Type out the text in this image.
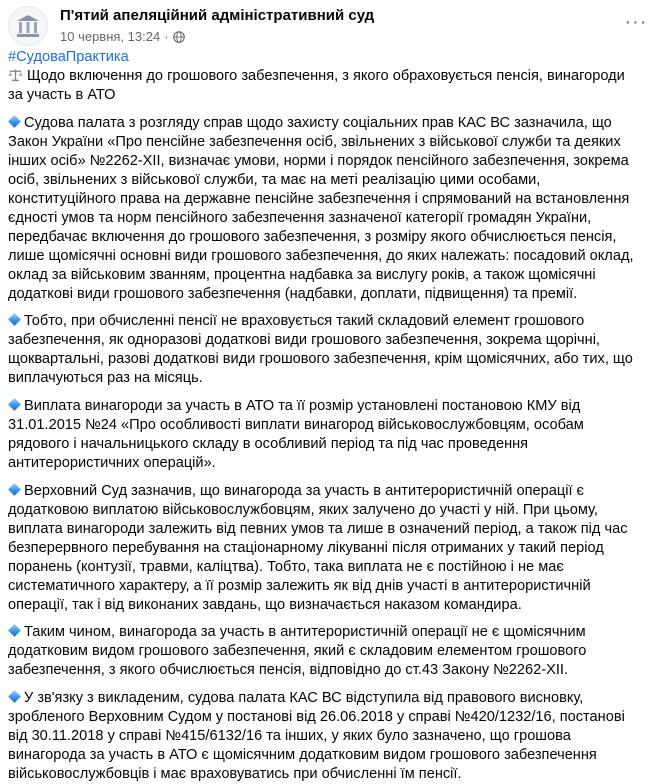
П'ятий апеляційний адміністративний суд
10 червня, 13:24 ·
···
#СудоваПрактика
Щодо включення до грошового забезпечення, з якого обраховується пенсія, винагороди
за участь в АТО
Судова палата з розгляду справ щодо захисту соціальних прав КАС ВС зазначила, що
Закон України «Про пенсійне забезпечення осіб, звільнених з військової служби та деяких
інших осіб» №2262-ХІІ, визначає умови, норми і порядок пенсійного забезпечення, зокрема
осіб, звільнених з військової служби, та має на меті реалізацію цими особами,
конституційного права на державне пенсійне забезпечення і спрямований на встановлення
єдності умов та норм пенсійного забезпечення зазначеної категорії громадян України,
передбачає включення до грошового забезпечення, з розміру якого обчислюється пенсія,
лише щомісячні основні види грошового забезпечення, до яких належать: посадовий оклад,
оклад за військовим званням, процентна надбавка за вислугу років, а також щомісячні
додаткові види грошового забезпечення (надбавки, доплати, підвищення) та премії.
Тобто, при обчисленні пенсії не враховується такий складовий елемент грошового
забезпечення, як одноразові додаткові види грошового забезпечення, зокрема щорічні,
щоквартальні, разові додаткові види грошового забезпечення, крім щомісячних, або тих, що
виплачуються раз на місяць.
Виплата винагороди за участь в АТО та її розмір установлені постановою КМУ від
31.01.2015 №24 «Про особливості виплати винагород військовослужбовцям, особам
рядового і начальницького складу в особливий період та під час проведення
антитерористичних операцій».
Верховний Суд зазначив, що винагорода за участь в антитерористичній операції є
додатковою виплатою військовослужбовцям, яких залучено до участі у ній. При цьому,
виплата винагороди залежить від певних умов та лише в означений період, а також під час
безперервного перебування на стаціонарному лікуванні після отриманих у такий період
поранень (контузії, травми, каліцтва). Тобто, така виплата не є постійною і не має
систематичного характеру, а її розмір залежить як від днів участі в антитерористичній
операції, так і від виконаних завдань, що визначається наказом командира.
Таким чином, винагорода за участь в антитерористичній операції не є щомісячним
додатковим видом грошового забезпечення, який є складовим елементом грошового
забезпечення, з якого обчислюється пенсія, відповідно до ст.43 Закону №2262-ХІІ.
У зв'язку з викладеним, судова палата КАС ВС відступила від правового висновку,
зробленого Верховним Судом у постанові від 26.06.2018 у справі №420/1232/16, постанові
від 30.11.2018 у справі №415/6132/16 та інших, у яких було зазначено, що грошова
винагорода за участь в АТО є щомісячним додатковим видом грошового забезпечення
військовослужбовців і має враховуватись при обчисленні їм пенсії.
